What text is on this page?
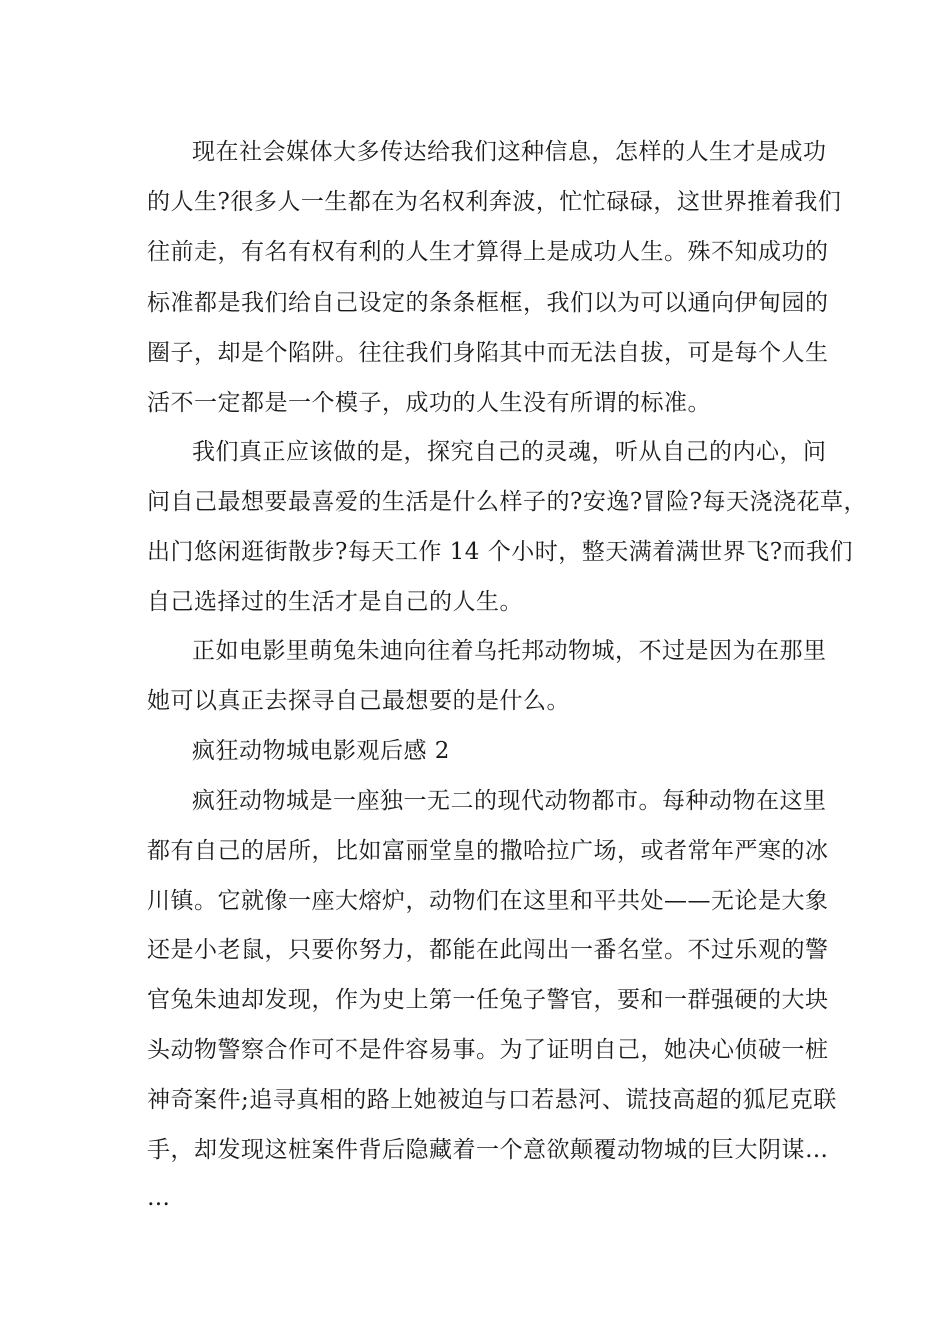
现在社会媒体大多传达给我们这种信息，怎样的人生才是成功
的人生?很多人一生都在为名权利奔波，忙忙碌碌，这世界推着我们
往前走，有名有权有利的人生才算得上是成功人生。殊不知成功的
标准都是我们给自己设定的条条框框，我们以为可以通向伊甸园的
圈子，却是个陷阱。往往我们身陷其中而无法自拔，可是每个人生
活不一定都是一个模子，成功的人生没有所谓的标准。
我们真正应该做的是，探究自己的灵魂，听从自己的内心，问
问自己最想要最喜爱的生活是什么样子的?安逸?冒险?每天浇浇花草，
出门悠闲逛街散步?每天工作 14 个小时，整天满着满世界飞?而我们
自己选择过的生活才是自己的人生。
正如电影里萌兔朱迪向往着乌托邦动物城，不过是因为在那里
她可以真正去探寻自己最想要的是什么。
疯狂动物城电影观后感 2
疯狂动物城是一座独一无二的现代动物都市。每种动物在这里
都有自己的居所，比如富丽堂皇的撒哈拉广场，或者常年严寒的冰
川镇。它就像一座大熔炉，动物们在这里和平共处——无论是大象
还是小老鼠，只要你努力，都能在此闯出一番名堂。不过乐观的警
官兔朱迪却发现，作为史上第一任兔子警官，要和一群强硬的大块
头动物警察合作可不是件容易事。为了证明自己，她决心侦破一桩
神奇案件;追寻真相的路上她被迫与口若悬河、谎技高超的狐尼克联
手，却发现这桩案件背后隐藏着一个意欲颠覆动物城的巨大阴谋…
…
